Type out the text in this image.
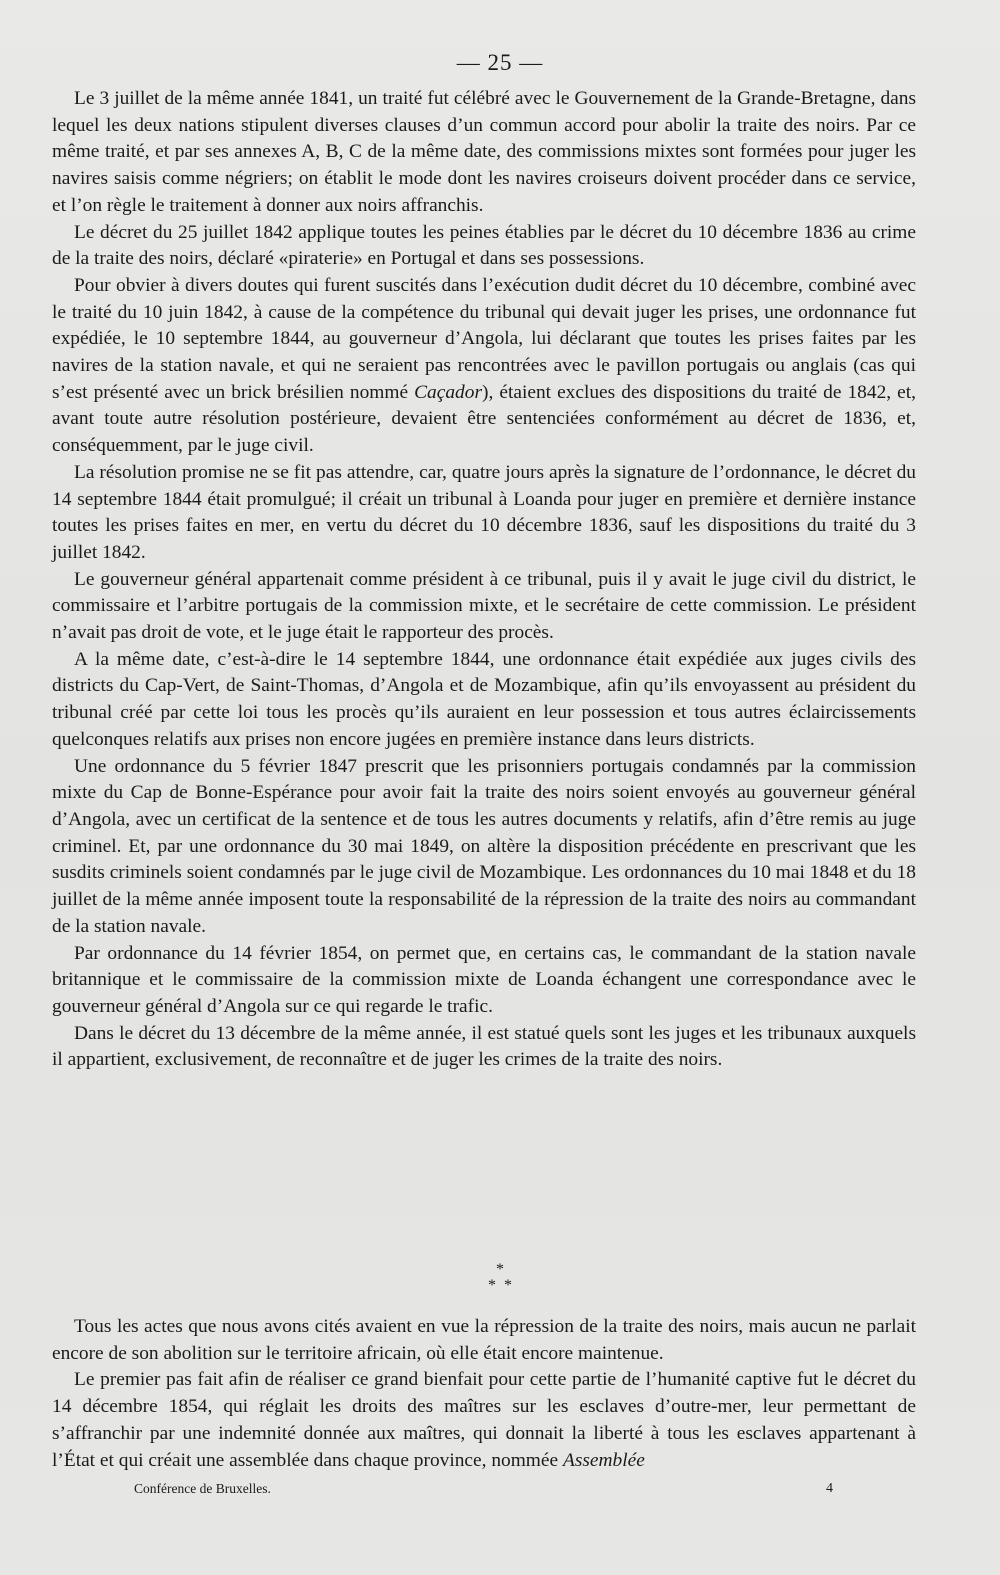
— 25 —

Le 3 juillet de la même année 1841, un traité fut célébré avec le Gouvernement de la Grande-Bretagne, dans lequel les deux nations stipulent diverses clauses d’un commun accord pour abolir la traite des noirs. Par ce même traité, et par ses annexes A, B, C de la même date, des commissions mixtes sont formées pour juger les navires saisis comme négriers; on établit le mode dont les navires croiseurs doivent procéder dans ce service, et l’on règle le traitement à donner aux noirs affranchis.

Le décret du 25 juillet 1842 applique toutes les peines établies par le décret du 10 décembre 1836 au crime de la traite des noirs, déclaré «piraterie» en Portugal et dans ses possessions.

Pour obvier à divers doutes qui furent suscités dans l’exécution dudit décret du 10 décembre, combiné avec le traité du 10 juin 1842, à cause de la compétence du tribunal qui devait juger les prises, une ordonnance fut expédiée, le 10 septembre 1844, au gouverneur d’Angola, lui déclarant que toutes les prises faites par les navires de la station navale, et qui ne seraient pas rencontrées avec le pavillon portugais ou anglais (cas qui s’est présenté avec un brick brésilien nommé Caçador), étaient exclues des dispositions du traité de 1842, et, avant toute autre résolution postérieure, devaient être sentenciées conformément au décret de 1836, et, conséquemment, par le juge civil.

La résolution promise ne se fit pas attendre, car, quatre jours après la signature de l’ordonnance, le décret du 14 septembre 1844 était promulgué; il créait un tribunal à Loanda pour juger en première et dernière instance toutes les prises faites en mer, en vertu du décret du 10 décembre 1836, sauf les dispositions du traité du 3 juillet 1842.

Le gouverneur général appartenait comme président à ce tribunal, puis il y avait le juge civil du district, le commissaire et l’arbitre portugais de la commission mixte, et le secrétaire de cette commission. Le président n’avait pas droit de vote, et le juge était le rapporteur des procès.

A la même date, c’est-à-dire le 14 septembre 1844, une ordonnance était expédiée aux juges civils des districts du Cap-Vert, de Saint-Thomas, d’Angola et de Mozambique, afin qu’ils envoyassent au président du tribunal créé par cette loi tous les procès qu’ils auraient en leur possession et tous autres éclaircissements quelconques relatifs aux prises non encore jugées en première instance dans leurs districts.

Une ordonnance du 5 février 1847 prescrit que les prisonniers portugais condamnés par la commission mixte du Cap de Bonne-Espérance pour avoir fait la traite des noirs soient envoyés au gouverneur général d’Angola, avec un certificat de la sentence et de tous les autres documents y relatifs, afin d’être remis au juge criminel. Et, par une ordonnance du 30 mai 1849, on altère la disposition précédente en prescrivant que les susdits criminels soient condamnés par le juge civil de Mozambique. Les ordonnances du 10 mai 1848 et du 18 juillet de la même année imposent toute la responsabilité de la répression de la traite des noirs au commandant de la station navale.

Par ordonnance du 14 février 1854, on permet que, en certains cas, le commandant de la station navale britannique et le commissaire de la commission mixte de Loanda échangent une correspondance avec le gouverneur général d’Angola sur ce qui regarde le trafic.

Dans le décret du 13 décembre de la même année, il est statué quels sont les juges et les tribunaux auxquels il appartient, exclusivement, de reconnaître et de juger les crimes de la traite des noirs.

*
**

Tous les actes que nous avons cités avaient en vue la répression de la traite des noirs, mais aucun ne parlait encore de son abolition sur le territoire africain, où elle était encore maintenue.

Le premier pas fait afin de réaliser ce grand bienfait pour cette partie de l’humanité captive fut le décret du 14 décembre 1854, qui réglait les droits des maîtres sur les esclaves d’outre-mer, leur permettant de s’affranchir par une indemnité donnée aux maîtres, qui donnait la liberté à tous les esclaves appartenant à l’État et qui créait une assemblée dans chaque province, nommée Assemblée

Conférence de Bruxelles.	4
